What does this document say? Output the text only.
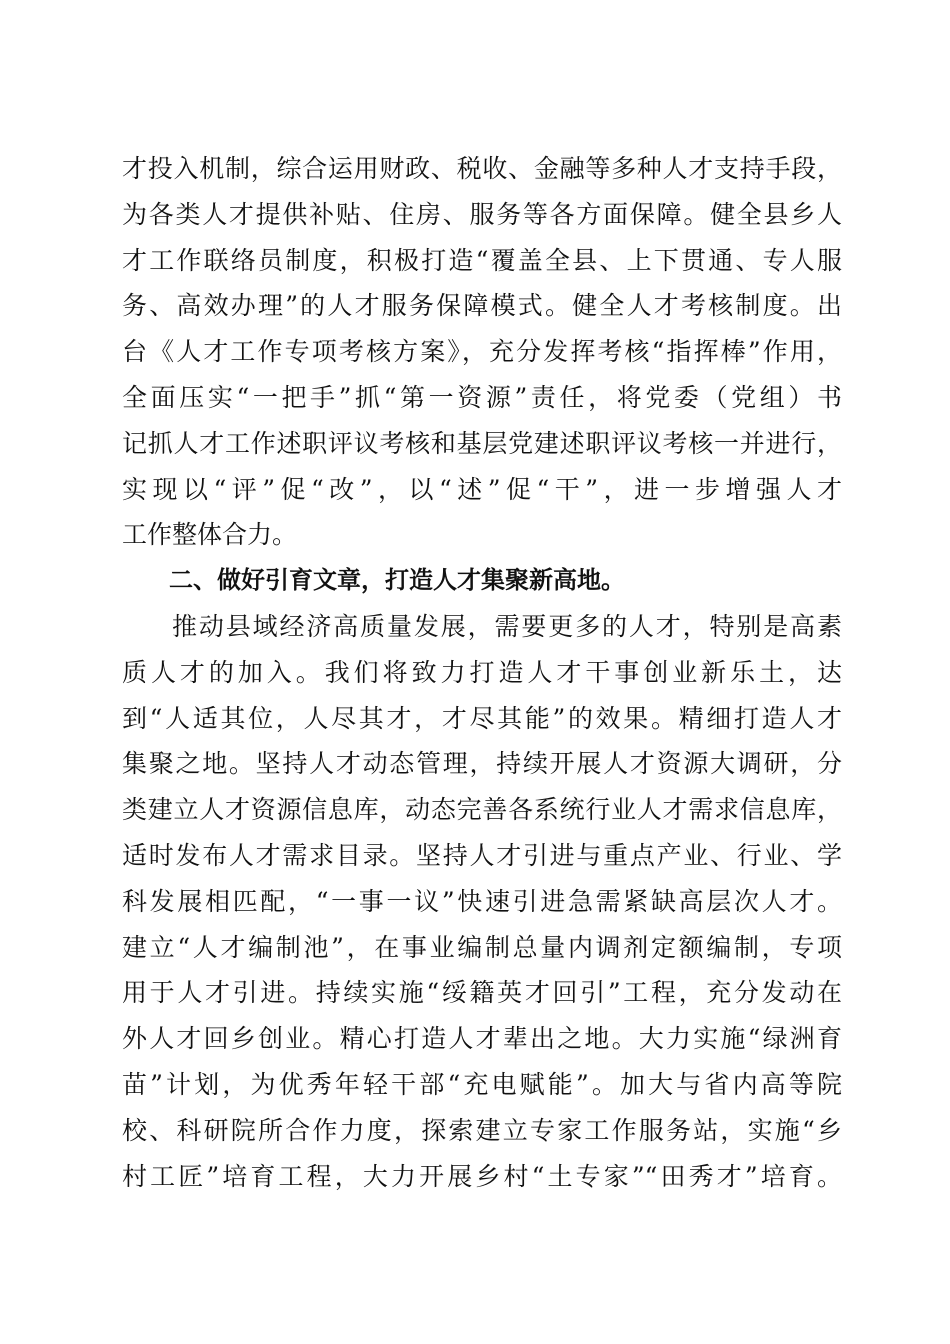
才投入机制，综合运用财政、税收、金融等多种人才支持手段，
为各类人才提供补贴、住房、服务等各方面保障。健全县乡人
才工作联络员制度，积极打造“覆盖全县、上下贯通、专人服
务、高效办理”的人才服务保障模式。健全人才考核制度。出
台《人才工作专项考核方案》，充分发挥考核“指挥棒”作用，
全面压实“一把手”抓“第一资源”责任，将党委（党组）书
记抓人才工作述职评议考核和基层党建述职评议考核一并进行，
实现以“评”促“改”，以“述”促“干”，进一步增强人才
工作整体合力。
二、做好引育文章，打造人才集聚新高地。
推动县域经济高质量发展，需要更多的人才，特别是高素
质人才的加入。我们将致力打造人才干事创业新乐土，达
到“人适其位，人尽其才，才尽其能”的效果。精细打造人才
集聚之地。坚持人才动态管理，持续开展人才资源大调研，分
类建立人才资源信息库，动态完善各系统行业人才需求信息库，
适时发布人才需求目录。坚持人才引进与重点产业、行业、学
科发展相匹配，“一事一议”快速引进急需紧缺高层次人才。
建立“人才编制池”，在事业编制总量内调剂定额编制，专项
用于人才引进。持续实施“绥籍英才回引”工程，充分发动在
外人才回乡创业。精心打造人才辈出之地。大力实施“绿洲育
苗”计划，为优秀年轻干部“充电赋能”。加大与省内高等院
校、科研院所合作力度，探索建立专家工作服务站，实施“乡
村工匠”培育工程，大力开展乡村“土专家”“田秀才”培育。
